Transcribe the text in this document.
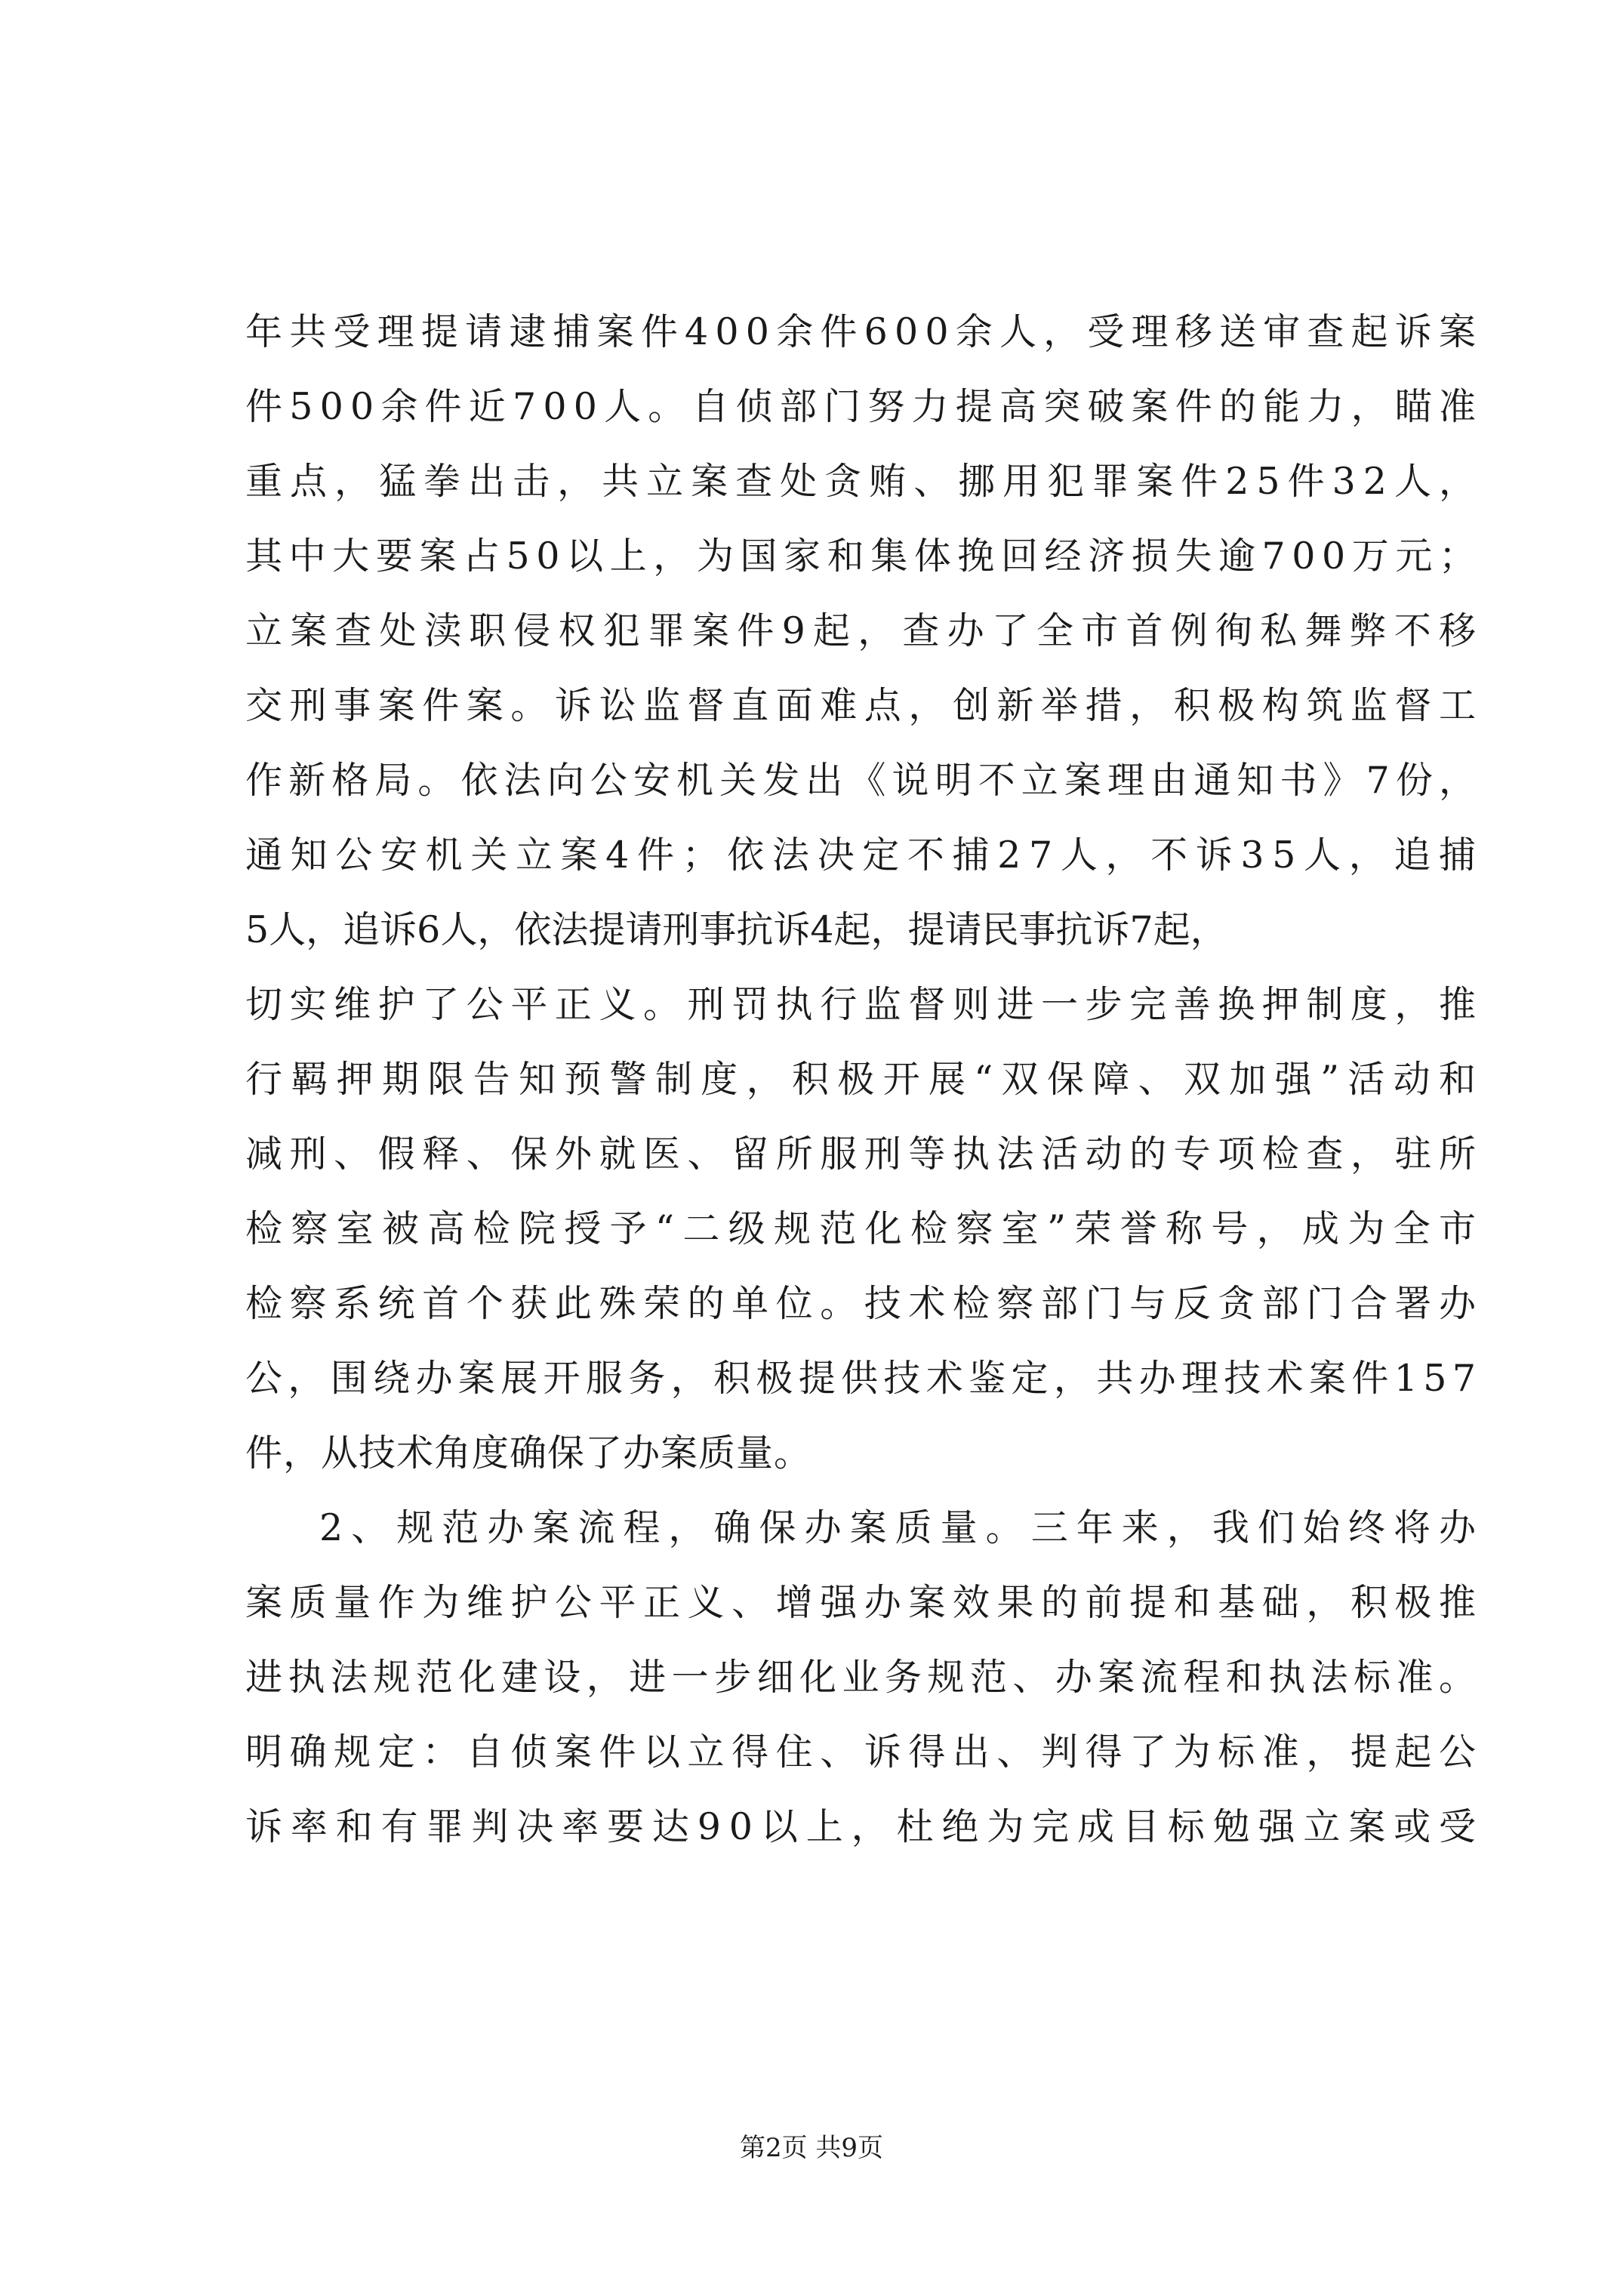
年共受理提请逮捕案件400余件600余人，受理移送审查起诉案
件500余件近700人。自侦部门努力提高突破案件的能力，瞄准
重点，猛拳出击，共立案查处贪贿、挪用犯罪案件25件32人，
其中大要案占50以上，为国家和集体挽回经济损失逾700万元；
立案查处渎职侵权犯罪案件9起，查办了全市首例徇私舞弊不移
交刑事案件案。诉讼监督直面难点，创新举措，积极构筑监督工
作新格局。依法向公安机关发出《说明不立案理由通知书》7份，
通知公安机关立案4件；依法决定不捕27人，不诉35人，追捕
5人，追诉6人，依法提请刑事抗诉4起，提请民事抗诉7起，
切实维护了公平正义。刑罚执行监督则进一步完善换押制度，推
行羁押期限告知预警制度，积极开展“双保障、双加强”活动和
减刑、假释、保外就医、留所服刑等执法活动的专项检查，驻所
检察室被高检院授予“二级规范化检察室”荣誉称号，成为全市
检察系统首个获此殊荣的单位。技术检察部门与反贪部门合署办
公，围绕办案展开服务，积极提供技术鉴定，共办理技术案件157
件，从技术角度确保了办案质量。
2、规范办案流程，确保办案质量。三年来，我们始终将办
案质量作为维护公平正义、增强办案效果的前提和基础，积极推
进执法规范化建设，进一步细化业务规范、办案流程和执法标准。
明确规定：自侦案件以立得住、诉得出、判得了为标准，提起公
诉率和有罪判决率要达90以上，杜绝为完成目标勉强立案或受
第2页 共9页
